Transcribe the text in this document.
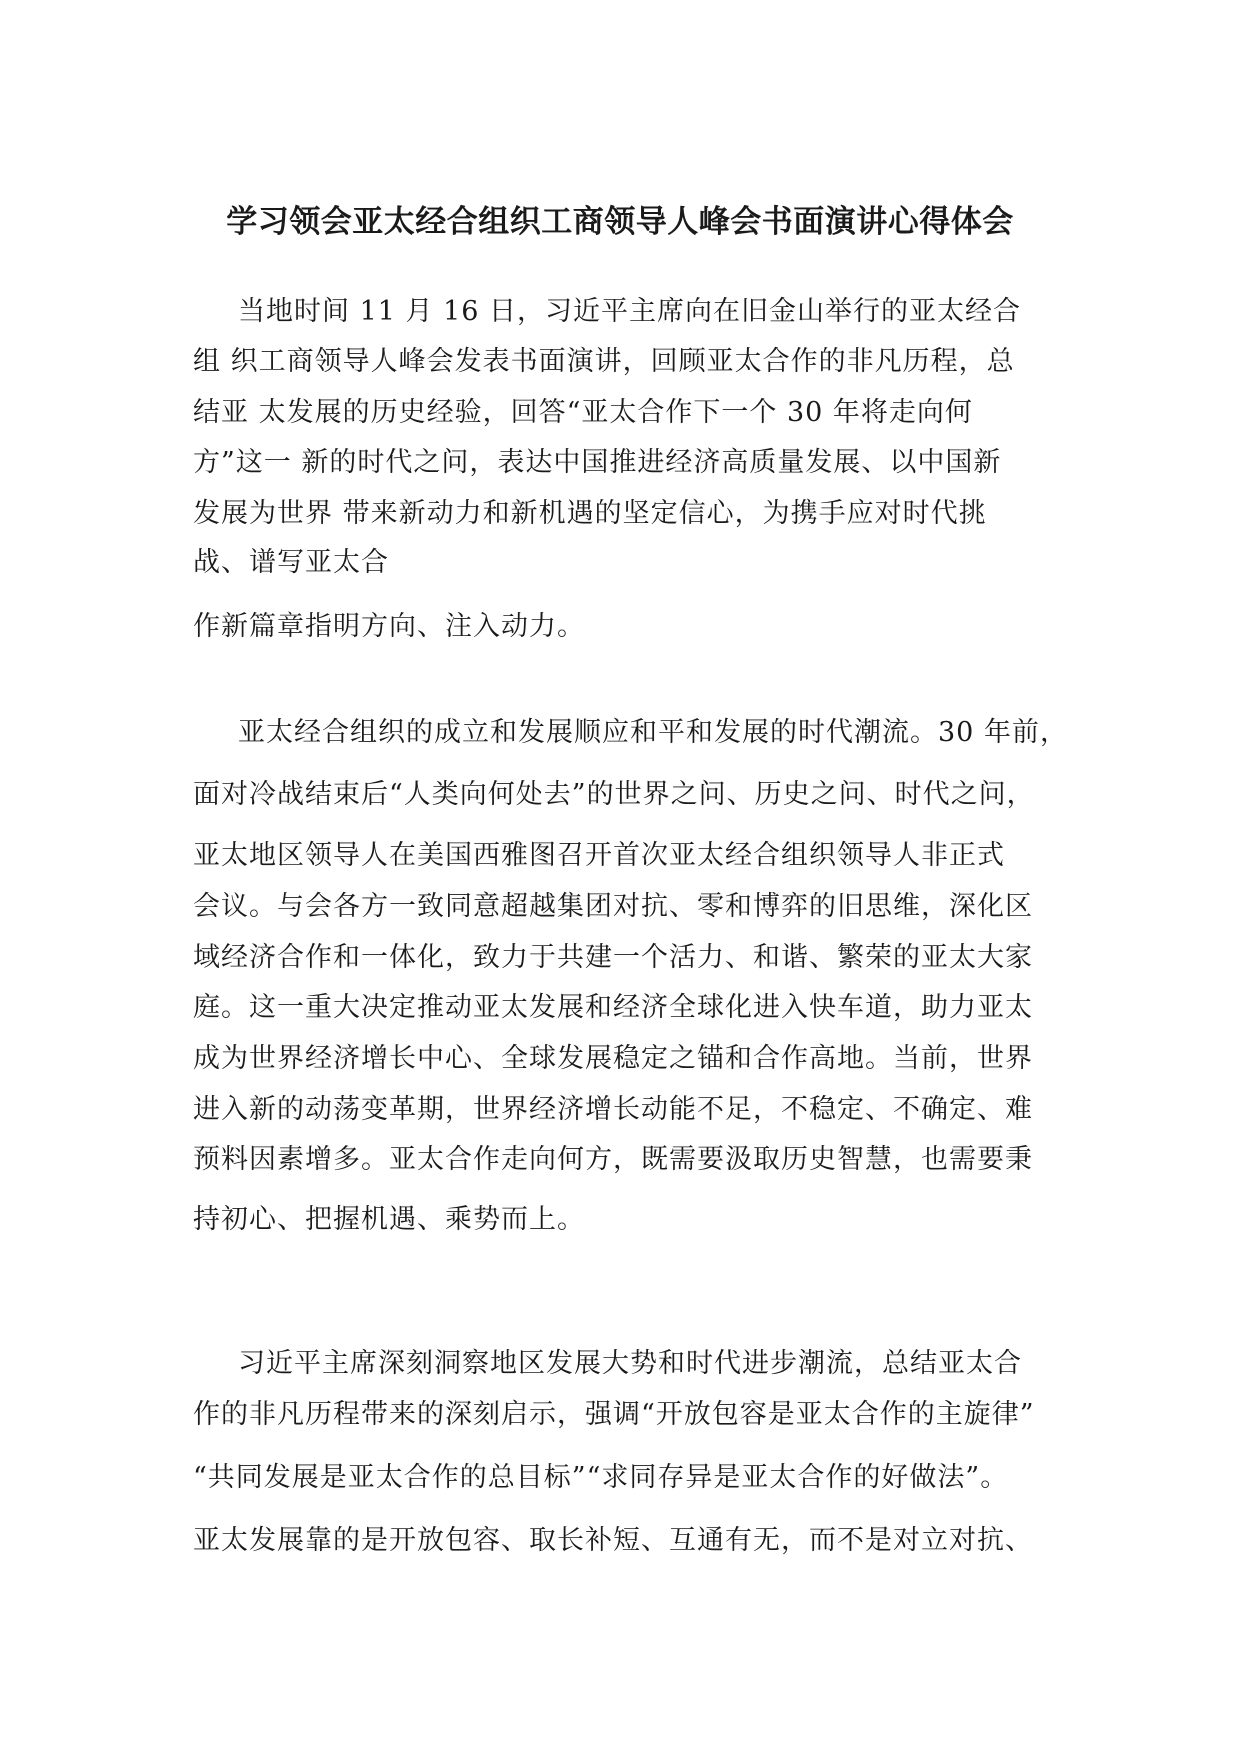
学习领会亚太经合组织工商领导人峰会书面演讲心得体会
当地时间 11 月 16 日，习近平主席向在旧金山举行的亚太经合
组 织工商领导人峰会发表书面演讲，回顾亚太合作的非凡历程，总
结亚 太发展的历史经验，回答“亚太合作下一个 30 年将走向何
方”这一 新的时代之问，表达中国推进经济高质量发展、以中国新
发展为世界 带来新动力和新机遇的坚定信心，为携手应对时代挑
战、谱写亚太合
作新篇章指明方向、注入动力。
亚太经合组织的成立和发展顺应和平和发展的时代潮流。30 年前，
面对冷战结束后“人类向何处去”的世界之问、历史之问、时代之问，
亚太地区领导人在美国西雅图召开首次亚太经合组织领导人非正式
会议。与会各方一致同意超越集团对抗、零和博弈的旧思维，深化区
域经济合作和一体化，致力于共建一个活力、和谐、繁荣的亚太大家
庭。这一重大决定推动亚太发展和经济全球化进入快车道，助力亚太
成为世界经济增长中心、全球发展稳定之锚和合作高地。当前，世界
进入新的动荡变革期，世界经济增长动能不足，不稳定、不确定、难
预料因素增多。亚太合作走向何方，既需要汲取历史智慧，也需要秉
持初心、把握机遇、乘势而上。
习近平主席深刻洞察地区发展大势和时代进步潮流，总结亚太合
作的非凡历程带来的深刻启示，强调“开放包容是亚太合作的主旋律”
“共同发展是亚太合作的总目标”“求同存异是亚太合作的好做法”。
亚太发展靠的是开放包容、取长补短、互通有无，而不是对立对抗、
